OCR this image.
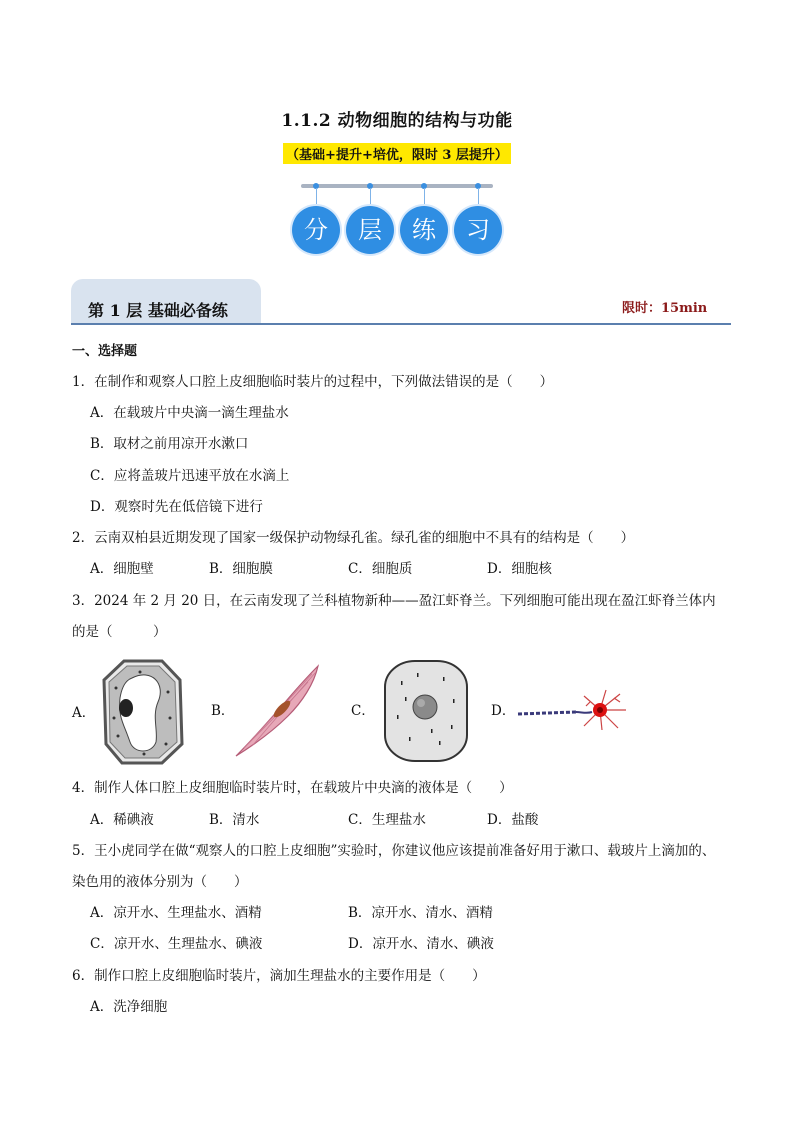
1.1.2 动物细胞的结构与功能
（基础+提升+培优，限时 3 层提升）
分	层	练	习
第 1 层 基础必备练	限时：15min
一、选择题
1．在制作和观察人口腔上皮细胞临时装片的过程中，下列做法错误的是（　　）
A．在载玻片中央滴一滴生理盐水
B．取材之前用凉开水漱口
C．应将盖玻片迅速平放在水滴上
D．观察时先在低倍镜下进行
2．云南双柏县近期发现了国家一级保护动物绿孔雀。绿孔雀的细胞中不具有的结构是（　　）
A．细胞壁	B．细胞膜	C．细胞质	D．细胞核
3．2024 年 2 月 20 日，在云南发现了兰科植物新种——盈江虾脊兰。下列细胞可能出现在盈江虾脊兰体内
的是（　　　）
A．	B．	C．	D．
4．制作人体口腔上皮细胞临时装片时，在载玻片中央滴的液体是（　　）
A．稀碘液	B．清水	C．生理盐水	D．盐酸
5．王小虎同学在做“观察人的口腔上皮细胞”实验时，你建议他应该提前准备好用于漱口、载玻片上滴加的、
染色用的液体分别为（　　）
A．凉开水、生理盐水、酒精	B．凉开水、清水、酒精
C．凉开水、生理盐水、碘液	D．凉开水、清水、碘液
6．制作口腔上皮细胞临时装片，滴加生理盐水的主要作用是（　　）
A．洗净细胞
